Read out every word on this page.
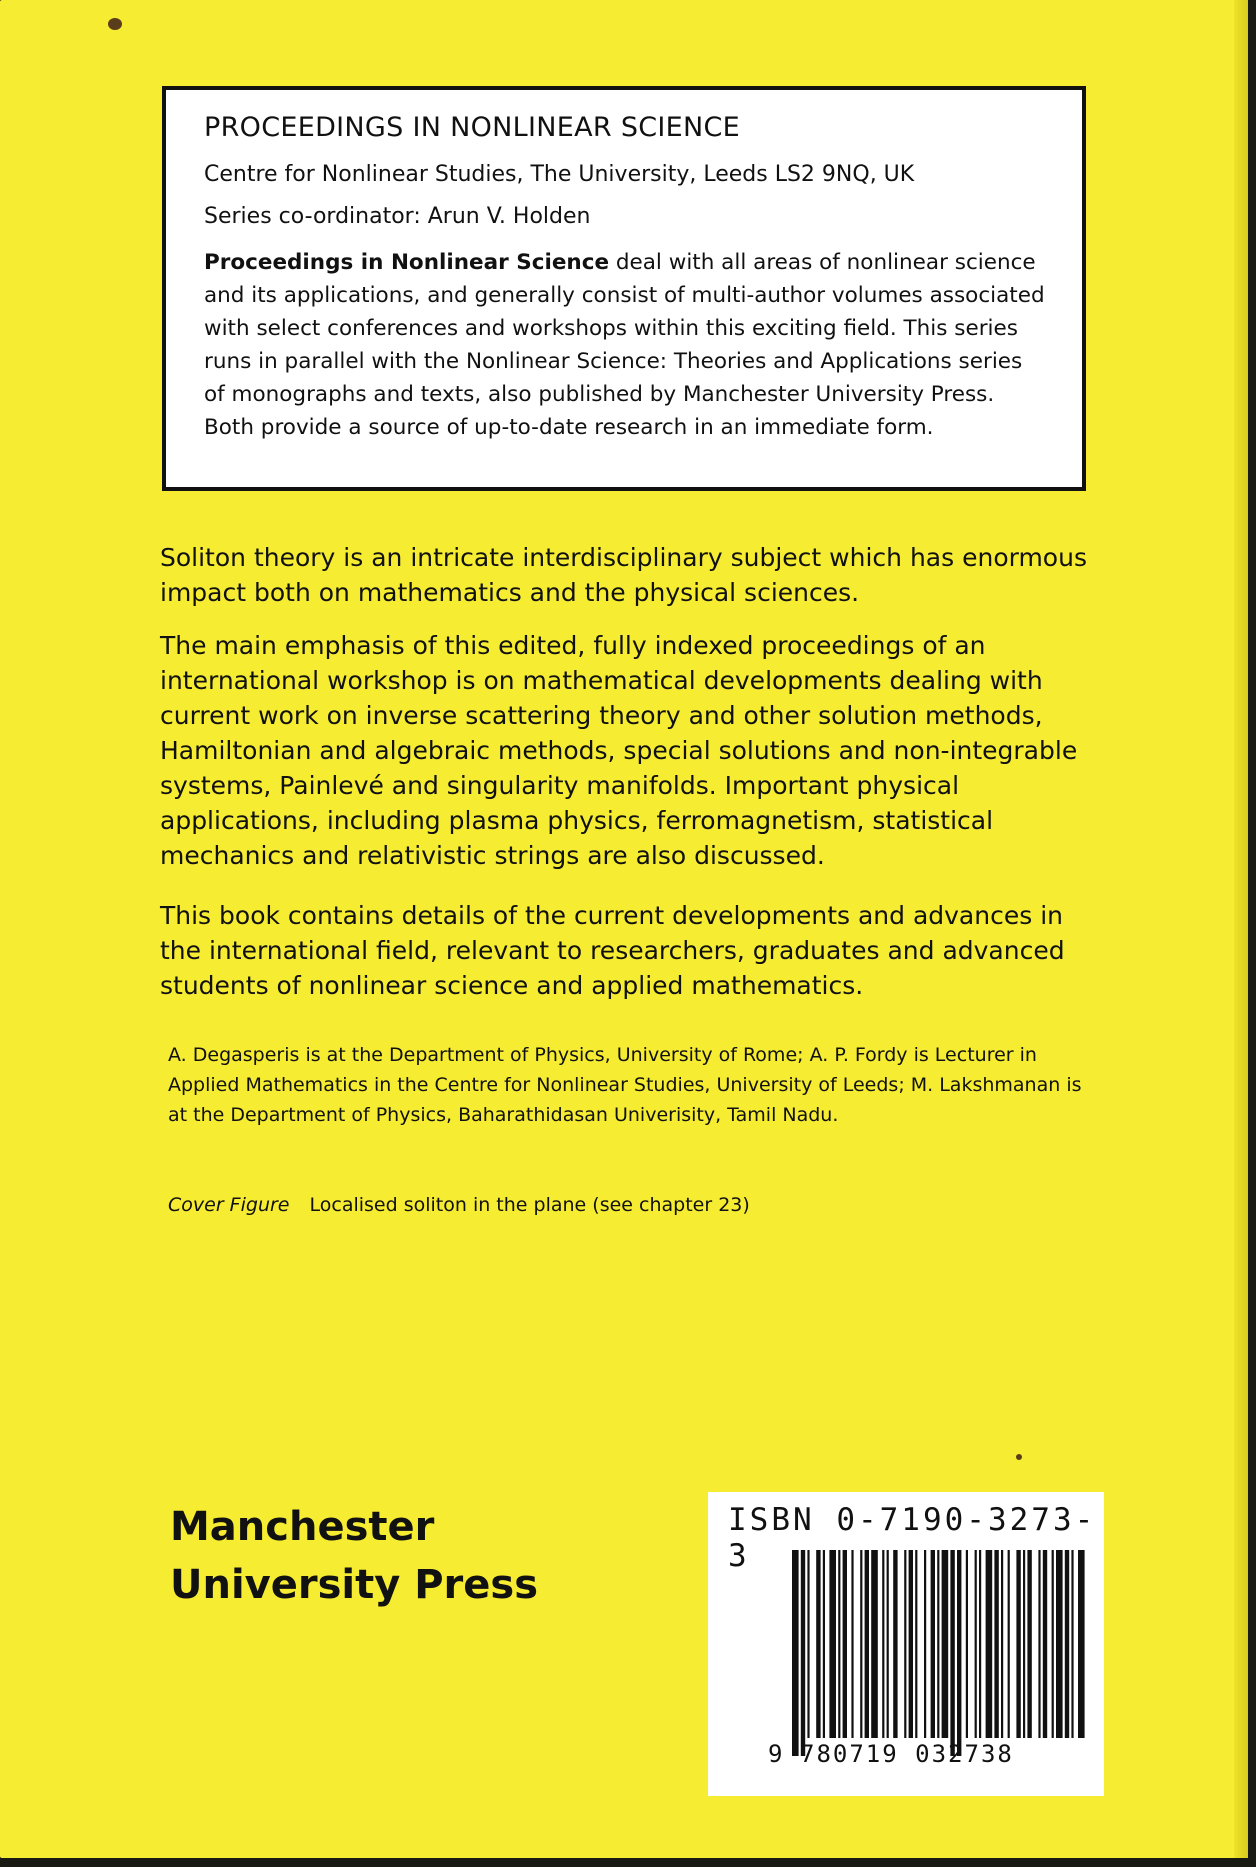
PROCEEDINGS IN NONLINEAR SCIENCE

Centre for Nonlinear Studies, The University, Leeds LS2 9NQ, UK

Series co-ordinator: Arun V. Holden

Proceedings in Nonlinear Science deal with all areas of nonlinear science and its applications, and generally consist of multi-author volumes associated with select conferences and workshops within this exciting field. This series runs in parallel with the Nonlinear Science: Theories and Applications series of monographs and texts, also published by Manchester University Press. Both provide a source of up-to-date research in an immediate form.

Soliton theory is an intricate interdisciplinary subject which has enormous impact both on mathematics and the physical sciences.

The main emphasis of this edited, fully indexed proceedings of an international workshop is on mathematical developments dealing with current work on inverse scattering theory and other solution methods, Hamiltonian and algebraic methods, special solutions and non-integrable systems, Painlevé and singularity manifolds. Important physical applications, including plasma physics, ferromagnetism, statistical mechanics and relativistic strings are also discussed.

This book contains details of the current developments and advances in the international field, relevant to researchers, graduates and advanced students of nonlinear science and applied mathematics.

A. Degasperis is at the Department of Physics, University of Rome; A. P. Fordy is Lecturer in Applied Mathematics in the Centre for Nonlinear Studies, University of Leeds; M. Lakshmanan is at the Department of Physics, Baharathidasan Univerisity, Tamil Nadu.

Cover Figure Localised soliton in the plane (see chapter 23)

Manchester
University Press
ISBN 0-7190-3273-3
9 780719 032738
